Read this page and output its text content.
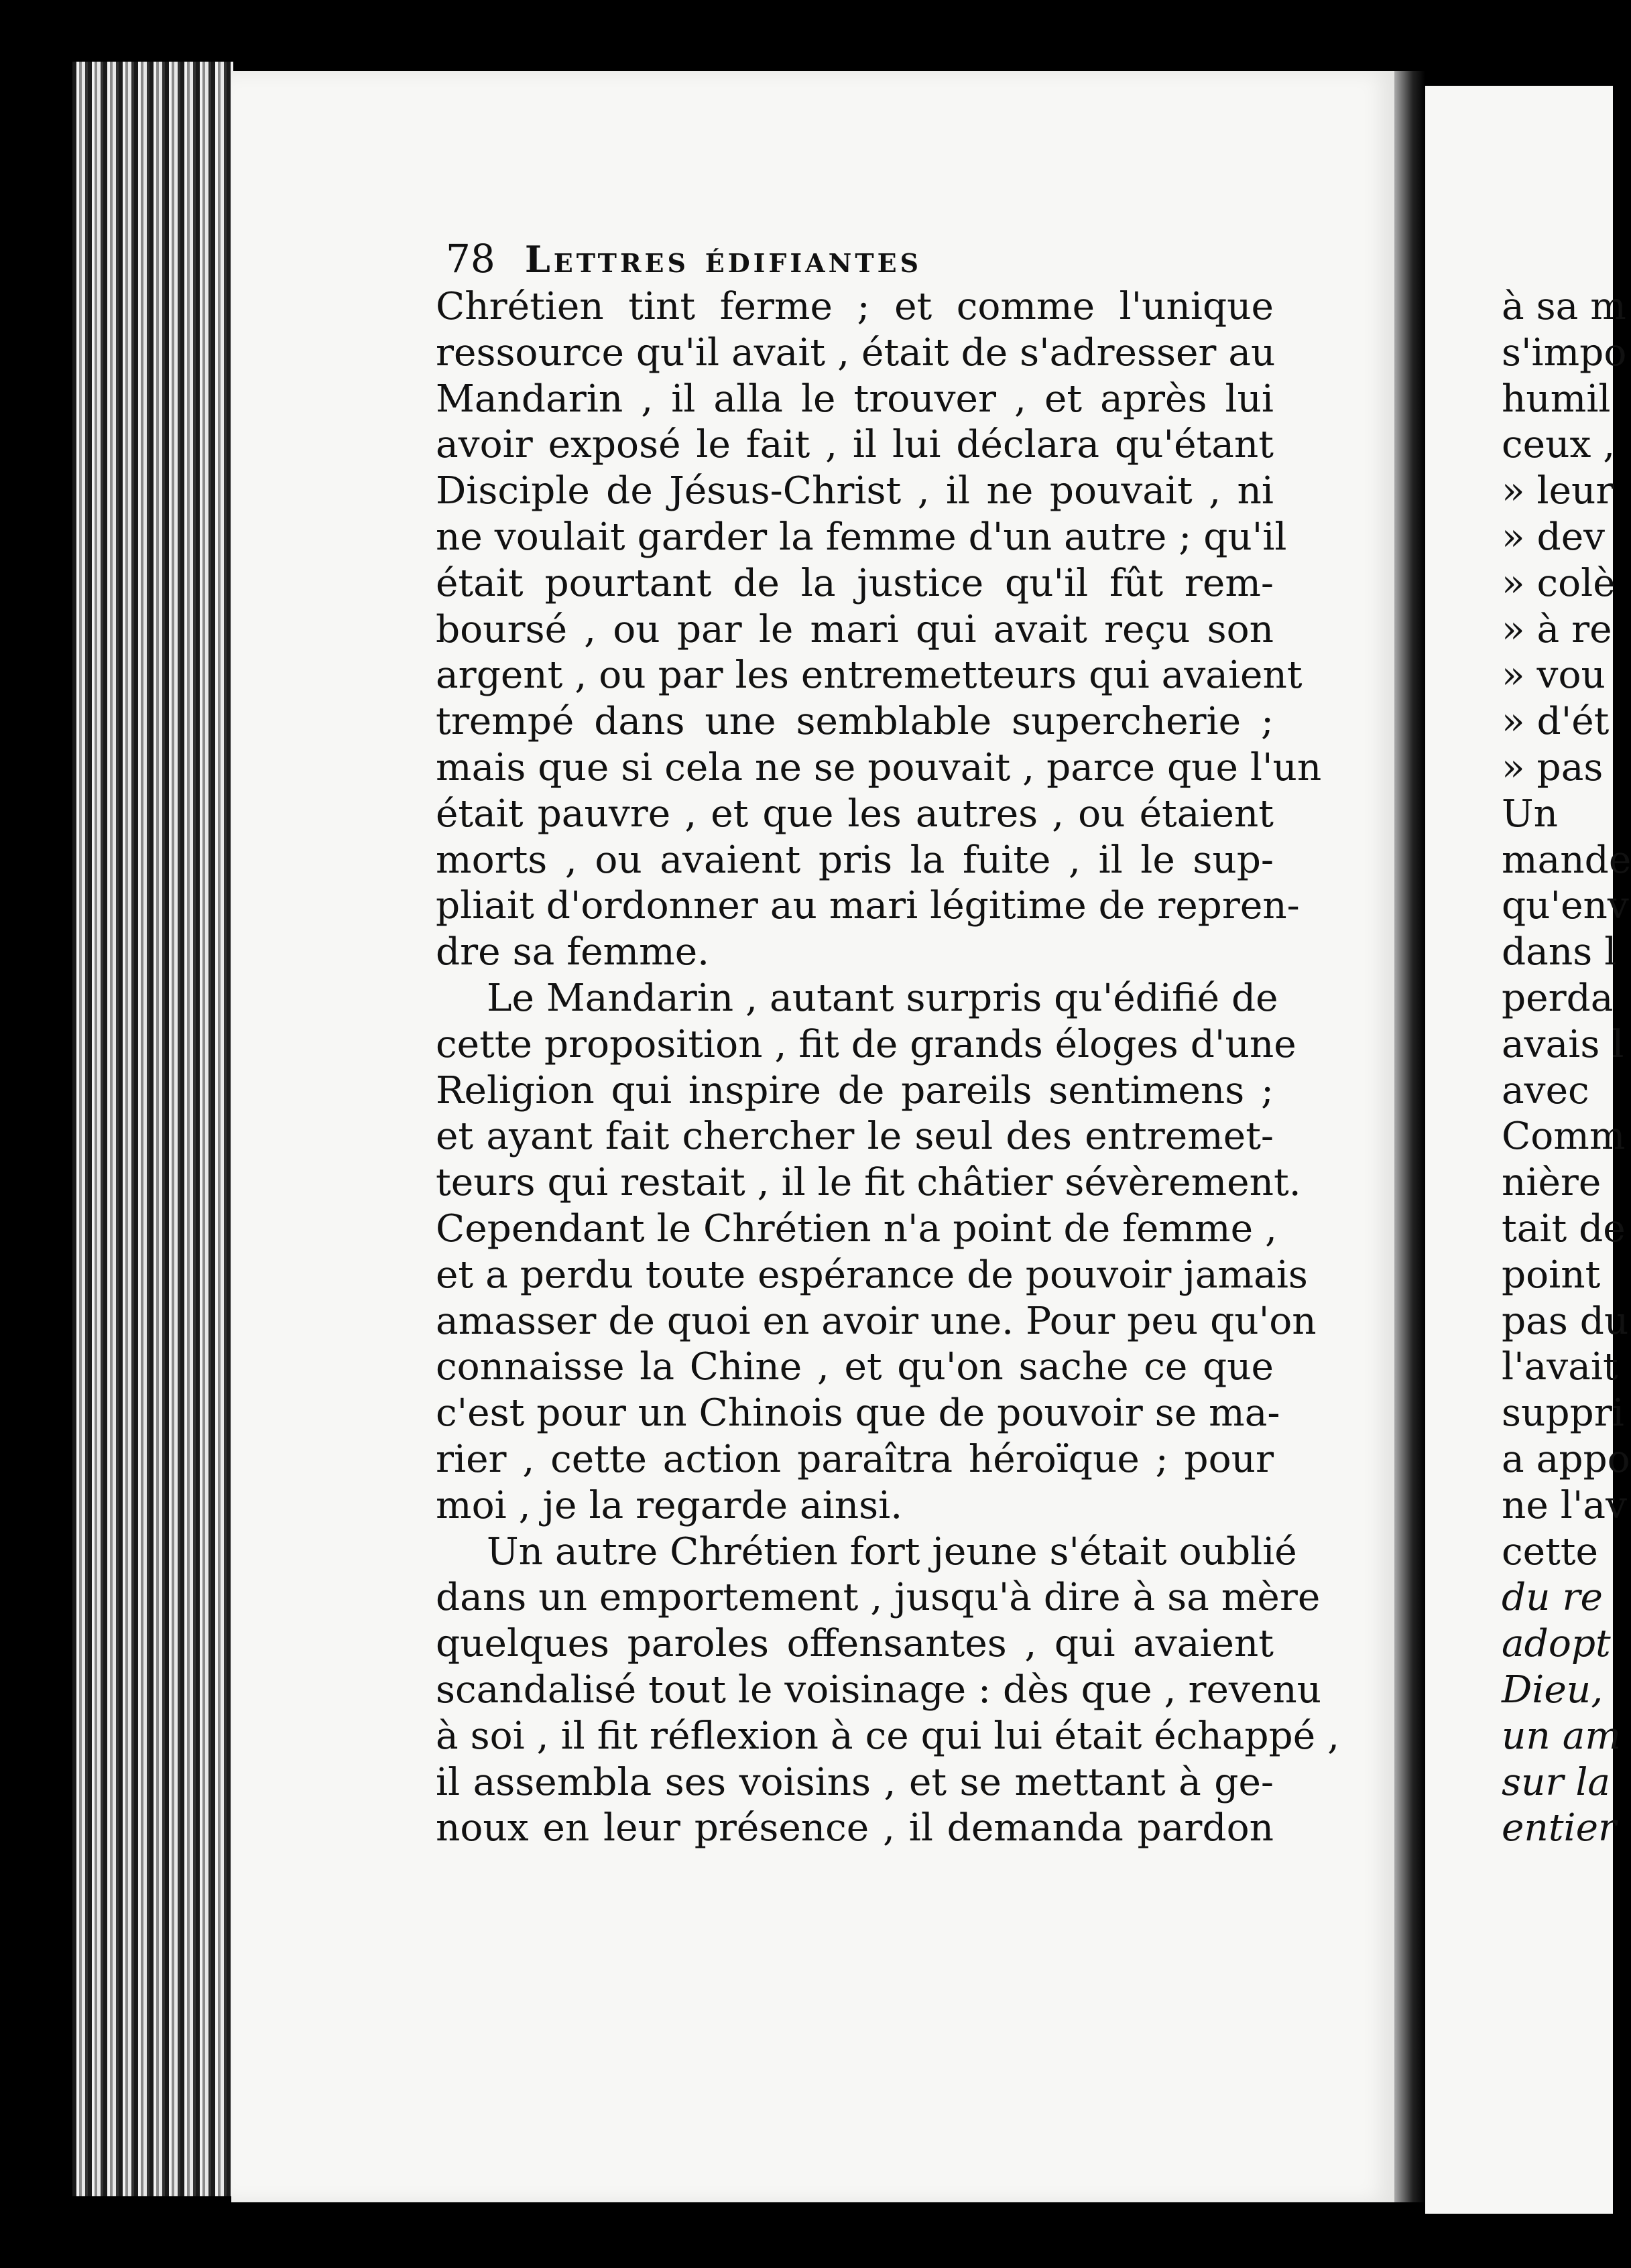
78 Lettres édifiantes
Chrétien tint ferme ; et comme l'unique
ressource qu'il avait , était de s'adresser au
Mandarin , il alla le trouver , et après lui
avoir exposé le fait , il lui déclara qu'étant
Disciple de Jésus-Christ , il ne pouvait , ni
ne voulait garder la femme d'un autre ; qu'il
était pourtant de la justice qu'il fût rem-
boursé , ou par le mari qui avait reçu son
argent , ou par les entremetteurs qui avaient
trempé dans une semblable supercherie ;
mais que si cela ne se pouvait , parce que l'un
était pauvre , et que les autres , ou étaient
morts , ou avaient pris la fuite , il le sup-
pliait d'ordonner au mari légitime de repren-
dre sa femme.
Le Mandarin , autant surpris qu'édifié de
cette proposition , fit de grands éloges d'une
Religion qui inspire de pareils sentimens ;
et ayant fait chercher le seul des entremet-
teurs qui restait , il le fit châtier sévèrement.
Cependant le Chrétien n'a point de femme ,
et a perdu toute espérance de pouvoir jamais
amasser de quoi en avoir une. Pour peu qu'on
connaisse la Chine , et qu'on sache ce que
c'est pour un Chinois que de pouvoir se ma-
rier , cette action paraîtra héroïque ; pour
moi , je la regarde ainsi.
Un autre Chrétien fort jeune s'était oublié
dans un emportement , jusqu'à dire à sa mère
quelques paroles offensantes , qui avaient
scandalisé tout le voisinage : dès que , revenu
à soi , il fit réflexion à ce qui lui était échappé ,
il assembla ses voisins , et se mettant à ge-
noux en leur présence , il demanda pardon
à sa m
s'impo
humil
ceux ,
» leur
» dev
» colè
» à re
» vou
» d'ét
» pas
Un
mande
qu'env
dans l
perda
avais l
avec
Comm
nière
tait de
point
pas du
l'avait
suppri
a appo
ne l'av
cette
du re
adopt
Dieu,
un am
sur la
entier
